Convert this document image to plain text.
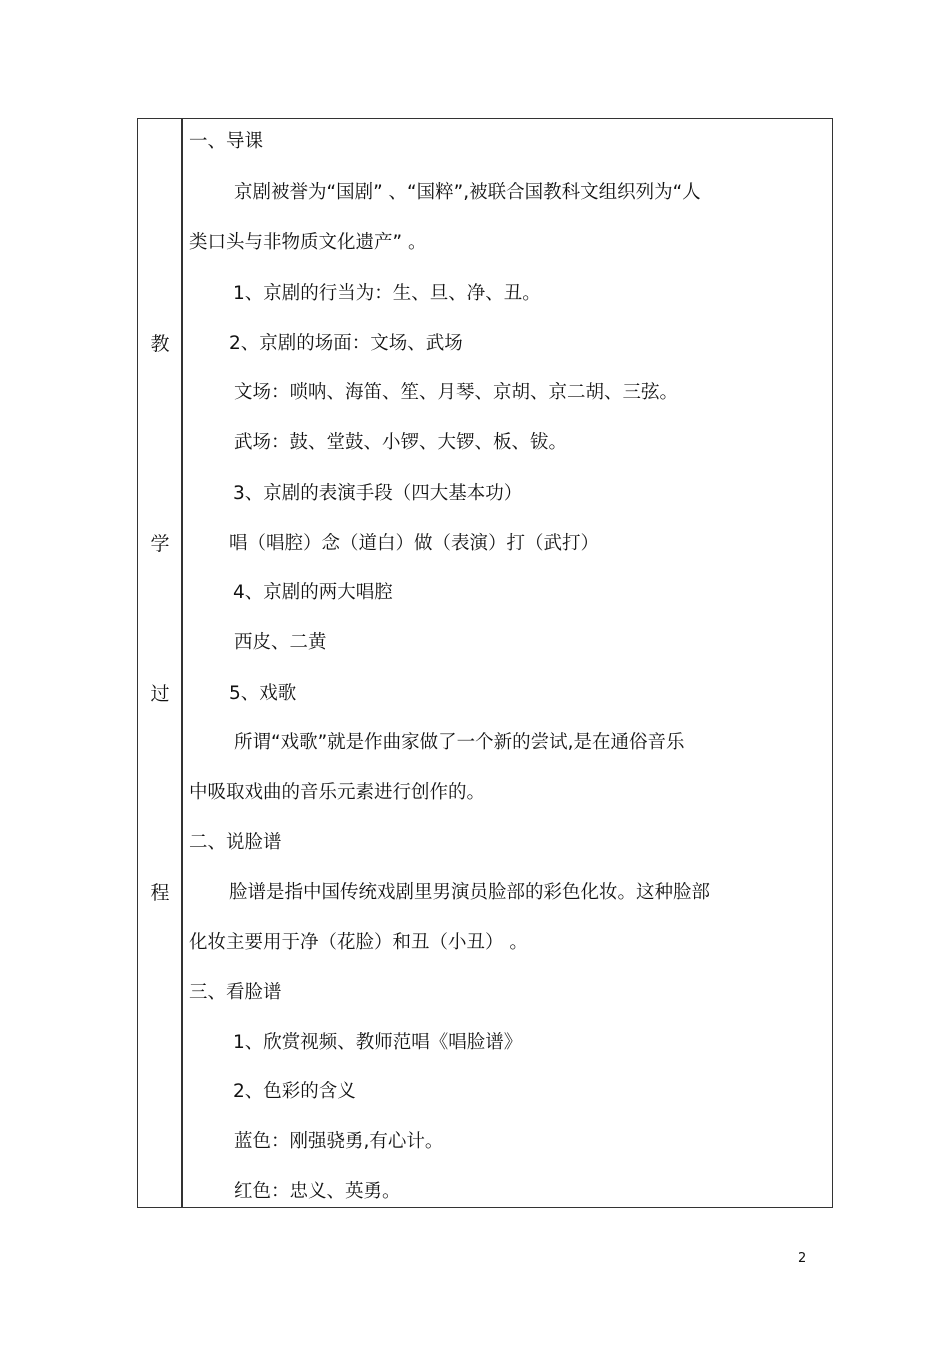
教
学
过
程
一、导课
京剧被誉为“国剧” 、“国粹”,被联合国教科文组织列为“人
类口头与非物质文化遗产” 。
1、京剧的行当为：生、旦、净、丑。
2、京剧的场面：文场、武场
文场：唢呐、海笛、笙、月琴、京胡、京二胡、三弦。
武场：鼓、堂鼓、小锣、大锣、板、钹。
3、京剧的表演手段（四大基本功）
唱（唱腔）念（道白）做（表演）打（武打）
4、京剧的两大唱腔
西皮、二黄
5、戏歌
所谓“戏歌”就是作曲家做了一个新的尝试,是在通俗音乐
中吸取戏曲的音乐元素进行创作的。
二、说脸谱
脸谱是指中国传统戏剧里男演员脸部的彩色化妆。这种脸部
化妆主要用于净（花脸）和丑（小丑） 。
三、看脸谱
1、欣赏视频、教师范唱《唱脸谱》
2、色彩的含义
蓝色：刚强骁勇,有心计。
红色：忠义、英勇。
2
